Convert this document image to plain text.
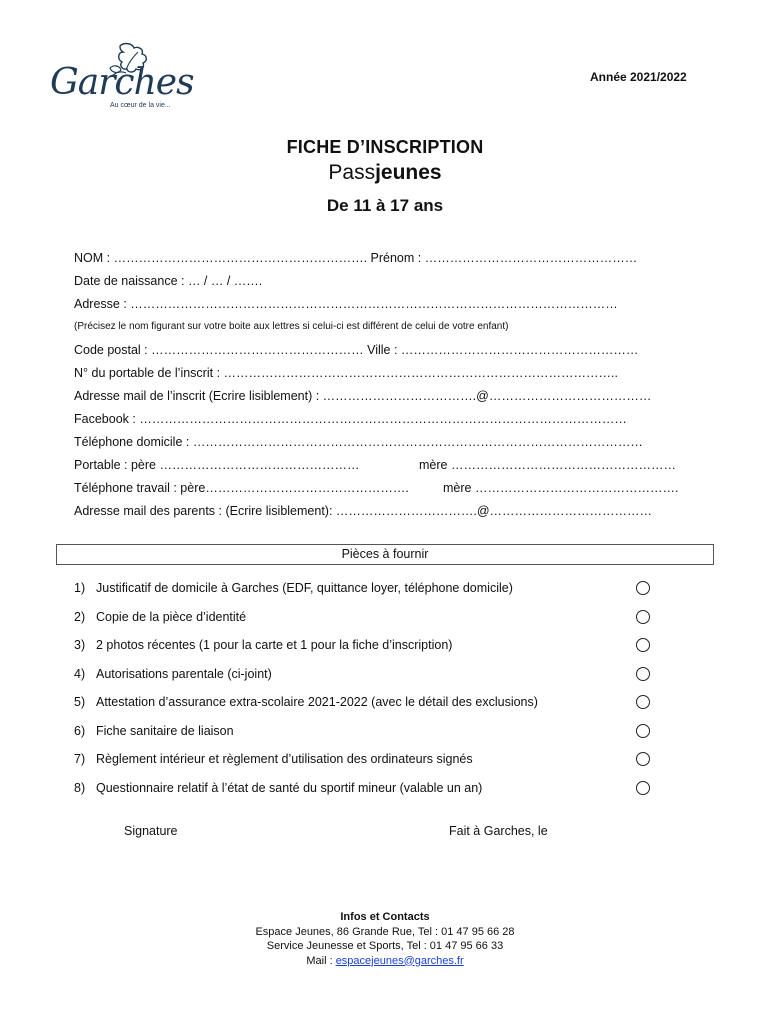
Garches
Au cœur de la vie...
Année 2021/2022
FICHE D’INSCRIPTION
Passjeunes
De 11 à 17 ans
NOM : ……………………………………………………. Prénom : ……………………………………………
Date de naissance : … / … / …….
Adresse : ………………………………………………………………………………………………………
(Précisez le nom figurant sur votre boite aux lettres si celui-ci est différent de celui de votre enfant)
Code postal : …………………………………………… Ville : …………………………………………………
N° du portable de l’inscrit : …………………………………………………………………………………..
Adresse mail de l’inscrit (Ecrire lisiblement) : ……………………………….@…………………………………
Facebook : ………………………………………………………………………………………………………
Téléphone domicile : ………………………………………………………………………………………………
Portable : père …………………………………………	mère ………………………………………………
Téléphone travail : père………………………………………….	mère ………………………………………….
Adresse mail des parents : (Ecrire lisiblement): …………………………….@…………………………………
Pièces à fournir
1) Justificatif de domicile à Garches (EDF, quittance loyer, téléphone domicile)
2) Copie de la pièce d’identité
3) 2 photos récentes (1 pour la carte et 1 pour la fiche d’inscription)
4) Autorisations parentale (ci-joint)
5) Attestation d’assurance extra-scolaire 2021-2022 (avec le détail des exclusions)
6) Fiche sanitaire de liaison
7) Règlement intérieur et règlement d’utilisation des ordinateurs signés
8) Questionnaire relatif à l’état de santé du sportif mineur (valable un an)
Signature	Fait à Garches, le
Infos et Contacts
Espace Jeunes, 86 Grande Rue, Tel : 01 47 95 66 28
Service Jeunesse et Sports, Tel : 01 47 95 66 33
Mail : espacejeunes@garches.fr
